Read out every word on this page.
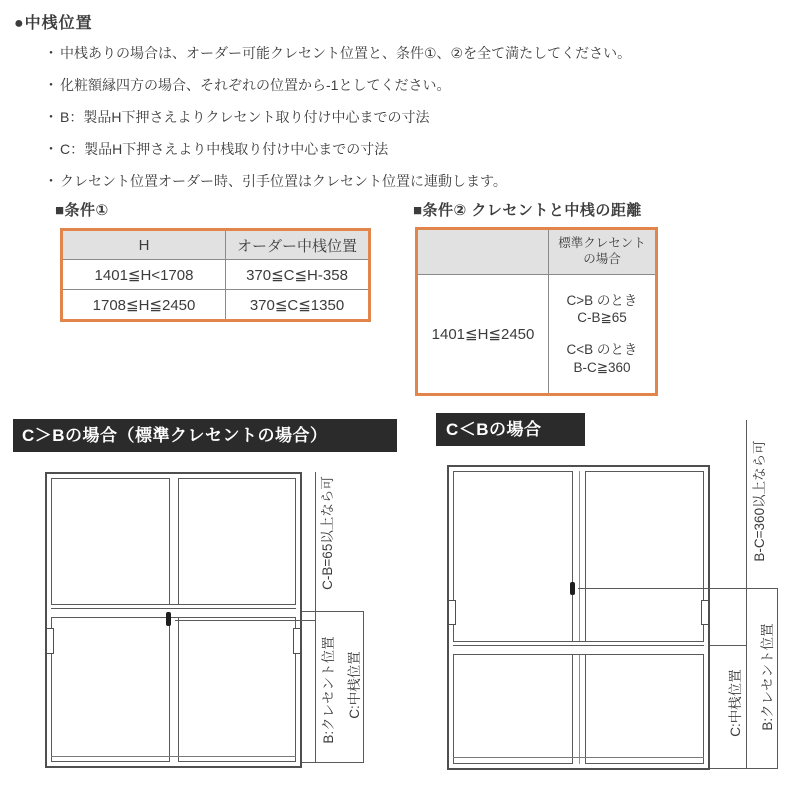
●中桟位置
・ 中桟ありの場合は、オーダー可能クレセント位置と、条件①、②を全て満たしてください。
・ 化粧額縁四方の場合、それぞれの位置から-1としてください。
・ B：製品H下押さえよりクレセント取り付け中心までの寸法
・ C：製品H下押さえより中桟取り付け中心までの寸法
・ クレセント位置オーダー時、引手位置はクレセント位置に連動します。
■条件①
H	オーダー中桟位置
1401≦H<1708	370≦C≦H-358
1708≦H≦2450	370≦C≦1350
■条件② クレセントと中桟の距離
	標準クレセント
の場合
1401≦H≦2450	C>B のとき
C-B≧65
C<B のとき
B-C≧360
C＞Bの場合（標準クレセントの場合）	C＜Bの場合
C-B=65以上なら可
B:クレセント位置 C:中桟位置
B-C=360以上なら可
C:中桟位置 B:クレセント位置
